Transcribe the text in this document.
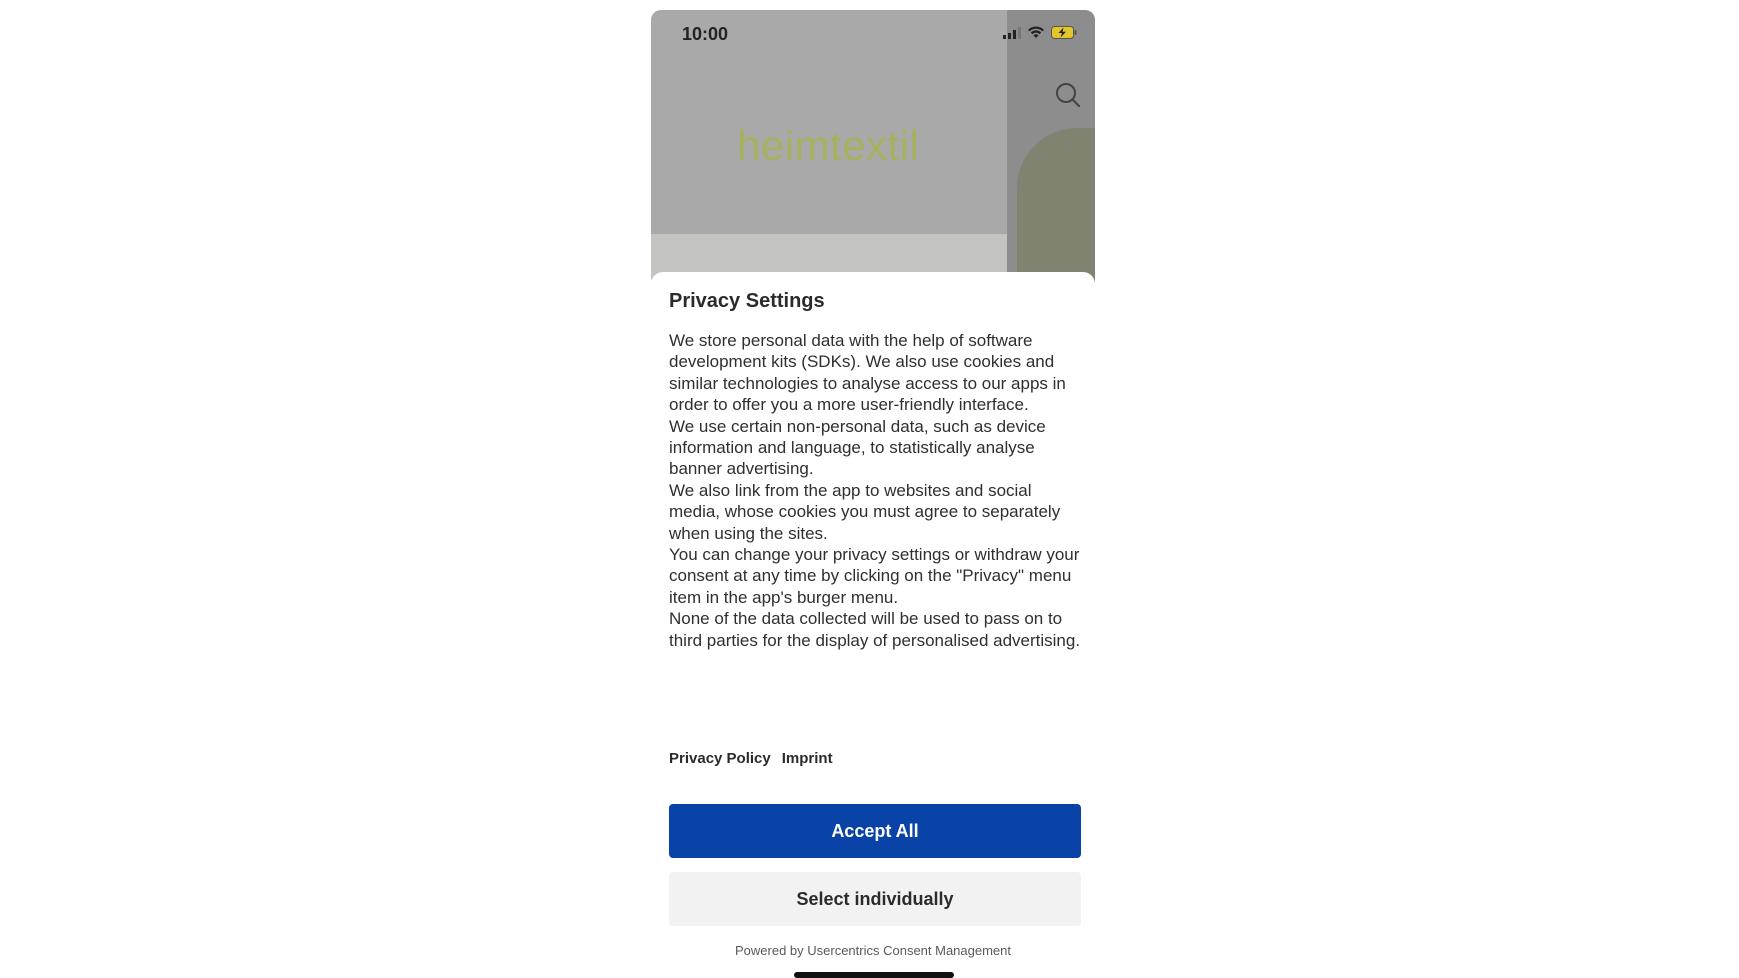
10:00
heimtextil
Privacy Settings

We store personal data with the help of software development kits (SDKs). We also use cookies and similar technologies to analyse access to our apps in order to offer you a more user-friendly interface.

We use certain non-personal data, such as device information and language, to statistically analyse banner advertising.

We also link from the app to websites and social media, whose cookies you must agree to separately when using the sites.

You can change your privacy settings or withdraw your consent at any time by clicking on the "Privacy" menu item in the app's burger menu.

None of the data collected will be used to pass on to third parties for the display of personalised advertising.

Privacy Policy Imprint
Accept All
Select individually
Powered by Usercentrics Consent Management
